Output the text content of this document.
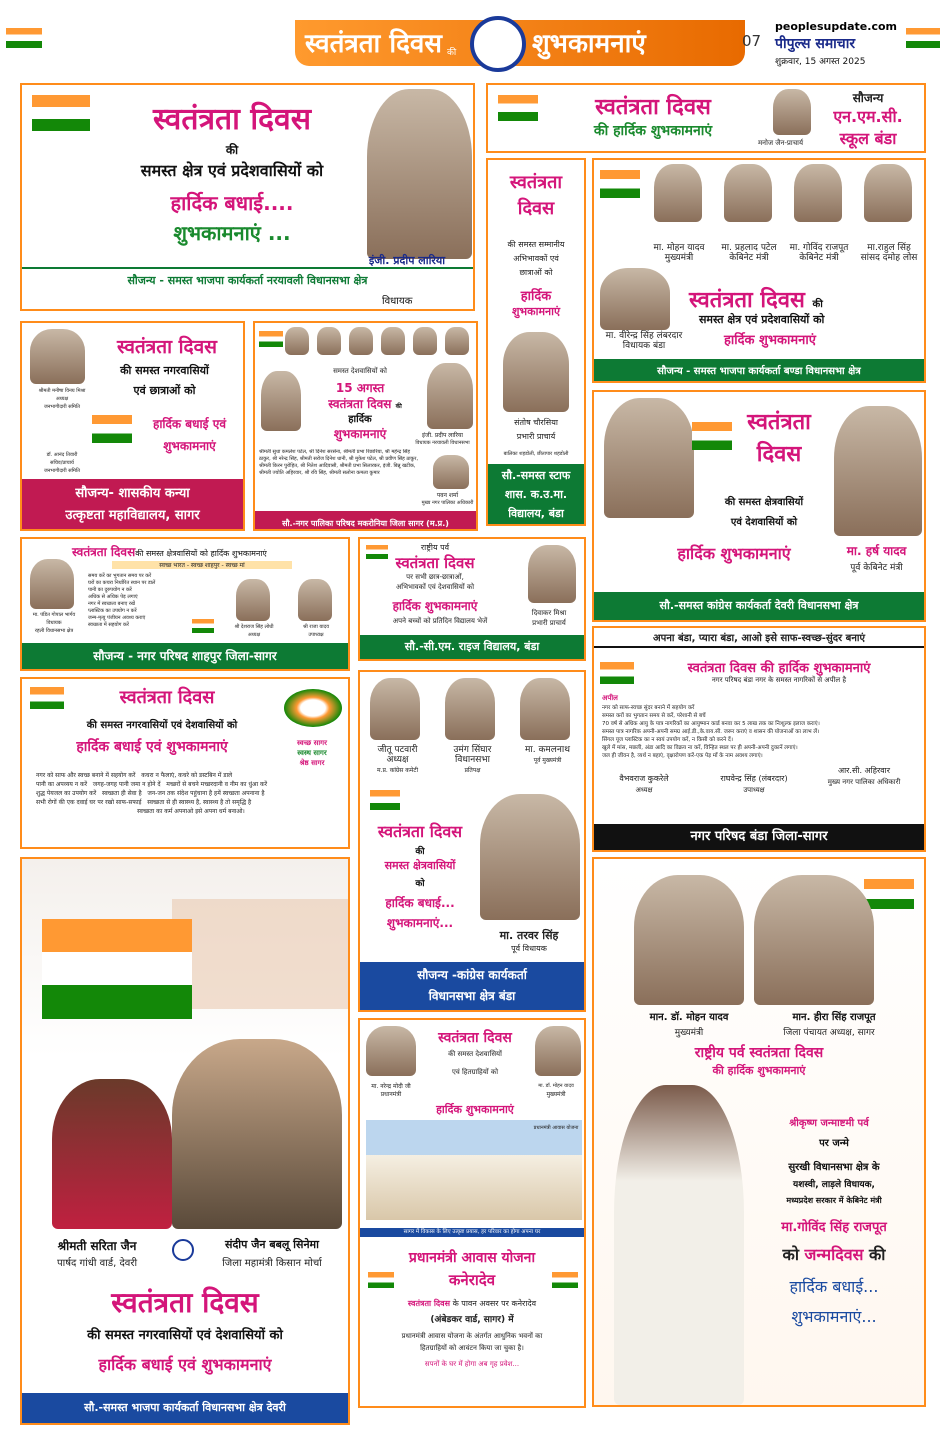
स्वतंत्रता दिवस की	शुभकामनाएं	07
peoplesupdate.com
पीपुल्स समाचार
शुक्रवार, 15 अगस्त 2025
स्वतंत्रता दिवस
की
समस्त क्षेत्र एवं प्रदेशवासियों को
हार्दिक बधाई....
शुभकामनाएं ...
इंजी. प्रदीप लारिया
सौजन्य - समस्त भाजपा कार्यकर्ता नरयावली विधानसभा क्षेत्र
विधायक
स्वतंत्रता दिवस
की हार्दिक शुभकामनाएं
मनोज जैन-प्राचार्य
सौजन्य
एन.एम.सी.
स्कूल बंडा
स्वतंत्रता
दिवस
की समस्त सम्मानीय
अभिभावकों एवं
छात्राओं को
हार्दिक
शुभकामनाएं
संतोष चौरसिया
प्रभारी प्राचार्य
बालिका शहडोली, छीतापार शहडोली
सौ.-समस्त स्टाफ
शास. क.उ.मा.
विद्यालय, बंडा
मा. मोहन यादव
मुख्यमंत्री
मा. प्रहलाद पटेल
केबिनेट मंत्री
मा. गोविंद राजपूत
केबिनेट मंत्री
मा.राहुल सिंह
सांसद दमोह लोस
मा. वीरेन्द्र सिंह लंबरदार
विधायक बंडा
स्वतंत्रता दिवस की
समस्त क्षेत्र एवं प्रदेशवासियों को
हार्दिक शुभकामनाएं
सौजन्य - समस्त भाजपा कार्यकर्ता बण्डा विधानसभा क्षेत्र
श्रीमती मनीषा विनय मिश्रा
अध्यक्ष
जनभागीदारी समिति
डॉ. आनंद तिवारी
सचिव/प्राचार्य
जनभागीदारी समिति
स्वतंत्रता दिवस
की समस्त नगरवासियों
एवं छात्राओं को
हार्दिक बधाई एवं
शुभकामनाएं
सौजन्य- शासकीय कन्या
उत्कृष्टता महाविद्यालय, सागर
समस्त देशवासियों को
15 अगस्त
स्वतंत्रता दिवस की
हार्दिक
शुभकामनाएं	इंजी. प्रदीप लारिया
विधायक नरयावली विधानसभा
श्रीमती सुधा कमलेश पटेल, श्री दिनेश सरसेना, श्रीमती प्रभा रिछारिया, श्री महेन्द्र सिंह ठाकुर, श्री नरेन्द्र सिंह, श्रीमती सरोज दिनेश धानी, श्री मुकेश पटेल, श्री प्रवीण सिंह ठाकुर, श्रीमती किरन पुरोहित, श्री नितेश आदिवासी, श्रीमती प्रभा सिलारकर, इंजी. बिन्नू खटीक, श्रीमती ज्योति अहिरवार, श्री रवि सिंह, श्रीमती सलोना कमला कुमार
पवन शर्मा
मुख्य नगर पालिका अधिकारी
सौ.-नगर पालिका परिषद मकरोनिया जिला सागर (म.प्र.)
स्वतंत्रता
दिवस
की समस्त क्षेत्रवासियों
एवं देशवासियों को
हार्दिक शुभकामनाएं	मा. हर्ष यादव
पूर्व केबिनेट मंत्री
सौ.-समस्त कांग्रेस कार्यकर्ता देवरी विधानसभा क्षेत्र
स्वतंत्रता दिवसकी समस्त क्षेत्रवासियों को हार्दिक शुभकामनाएं
स्वच्छ भारत - स्वच्छ शाहपुर - स्वच्छ मां
मा. पंडित गोपाल भार्गव
विधायक
रहली विधानसभा क्षेत्र
समय करें का भुगतान समय पर करें
घरों का कचरा निर्धारित स्थान पर डालें
पानी का दुरुपयोग न करें
अधिक से अधिक पेड़ लगाएं
नगर में स्वच्छता बनाए रखें
प्लास्टिक का उपयोग न करें
जन्म-मृत्यु पंजीयन अवश्य कराएं
स्वच्छता में सहयोग करें	श्री देशराज सिंह लोधी
अध्यक्ष
श्री राजा यादव
उपाध्यक्ष
सौजन्य - नगर परिषद शाहपुर जिला-सागर
राष्ट्रीय पर्व
स्वतंत्रता दिवस
पर सभी छात्र-छात्राओं,
अभिभावकों एवं देशवासियों को
हार्दिक शुभकामनाएं
अपने बच्चों को प्रतिदिन विद्यालय भेजें
दिवाकर मिश्रा
प्रभारी प्राचार्य
सौ.-सी.एम. राइज विद्यालय, बंडा
अपना बंडा, प्यारा बंडा, आओ इसे साफ-स्वच्छ-सुंदर बनाएं
स्वतंत्रता दिवस की हार्दिक शुभकामनाएं
नगर परिषद बंडा नगर के समस्त नागरिकों से अपील है
अपील
नगर को साफ-स्वच्छ सुंदर बनाने में सहयोग करें
समस्त करों का भुगतान समय से करें, परेशानी से बचें
70 वर्ष से अधिक आयु के पात्र नागरिकों का आयुष्मान कार्ड बनवा कर 5 लाख तक का निःशुल्क इलाज कराएं।
समस्त पात्र नागरिक अपनी-अपनी समग्र आई.डी.,के.वाय.सी. जरूर कराएं व शासन की योजनाओं का लाभ लें।
सिंगल यूज प्लास्टिक का न स्वयं उपयोग करें, न किसी को करने दें।
खुले में मांस, मछली, अंडा आदि का विक्रय ना करें, विन्हित स्थल पर ही अपनी-अपनी दुकानें लगाएं।
जल ही जीवन है, व्यर्थ न बहाएं, वृक्षारोपण करें-एक पेड़ माँ के नाम अवश्य लगाएं।
वैभवराज कुकरेले
अध्यक्ष
राघवेन्द्र सिंह (लंबरदार)
उपाध्यक्ष
आर.सी. अहिरवार
मुख्य नगर पालिका अधिकारी
नगर परिषद बंडा जिला-सागर
स्वतंत्रता दिवस
की समस्त नगरवासियों एवं देशवासियों को
हार्दिक बधाई एवं शुभकामनाएं	स्वच्छ सागर
स्वस्थ सागर
श्रेष्ठ सागर
नगर को साफ और स्वच्छ बनाने में सहयोग करें कचरा न फैलाएं, कचरे को डस्टबिन में डाले
पानी का अपव्यय न करें जगह-जगह पानी जमा न होने दें मच्छरों से बचने मच्छरदानी व नीम का धुंआ करें
शुद्ध पेयजल का उपयोग करें स्वच्छता ही सेवा है जन-जन तक संदेश पहुंचाना है हमें स्वच्छता अपनाना है
सभी रोगों की एक दवाई घर पर रखो साफ-सफाई स्वच्छता से ही स्वास्थ्य है, स्वास्थ्य है तो समृद्धि है
स्वच्छता का कर्म अपनाओ इसे अपना धर्म बनाओ।
जीतू पटवारी
अध्यक्ष
म.प्र. कांग्रेस कमेटी
उमंग सिंघार
विधानसभा
प्रतिपक्ष
मा. कमलनाथ
पूर्व मुख्यमंत्री
स्वतंत्रता दिवस
की
समस्त क्षेत्रवासियों
को
हार्दिक बधाई...
शुभकामनाएं...
मा. तरवर सिंह
पूर्व विधायक
सौजन्य -कांग्रेस कार्यकर्ता
विधानसभा क्षेत्र बंडा
श्रीमती सरिता जैन
पार्षद गांधी वार्ड, देवरी
संदीप जैन बबलू सिनेमा
जिला महामंत्री किसान मोर्चा
स्वतंत्रता दिवस
की समस्त नगरवासियों एवं देशवासियों को
हार्दिक बधाई एवं शुभकामनाएं
सौ.-समस्त भाजपा कार्यकर्ता विधानसभा क्षेत्र देवरी
मा. नरेन्द्र मोदी जी
प्रधानमंत्री
स्वतंत्रता दिवस
की समस्त देशवासियों
एवं हितग्राहियों को
मा. डॉ. मोहन यादव
मुख्यमंत्री
हार्दिक शुभकामनाएं
प्रधानमंत्री आवास योजना
सागर में विकास के लिए उत्कृष्ट प्रयास, हर परिवार का होगा अपना घर
प्रधानमंत्री आवास योजना
कनेरादेव
स्वतंत्रता दिवस के पावन अवसर पर कनेरादेव
(अंबेडकर वार्ड, सागर) में
प्रधानमंत्री आवास योजना के अंतर्गत आधुनिक भवनों का
हितग्राहियों को आवंटन किया जा चुका है।
सपनों के घर में होगा अब गृह प्रवेश...
मान. डॉ. मोहन यादव
मुख्यमंत्री
मान. हीरा सिंह राजपूत
जिला पंचायत अध्यक्ष, सागर
राष्ट्रीय पर्व स्वतंत्रता दिवस
की हार्दिक शुभकामनाएं
श्रीकृष्ण जन्माष्टमी पर्व
पर जन्मे
सुरखी विधानसभा क्षेत्र के
यशस्वी, लाड़ले विधायक,
मध्यप्रदेश सरकार में केबिनेट मंत्री
मा.गोविंद सिंह राजपूत
को जन्मदिवस की
हार्दिक बधाई...
शुभकामनाएं...
